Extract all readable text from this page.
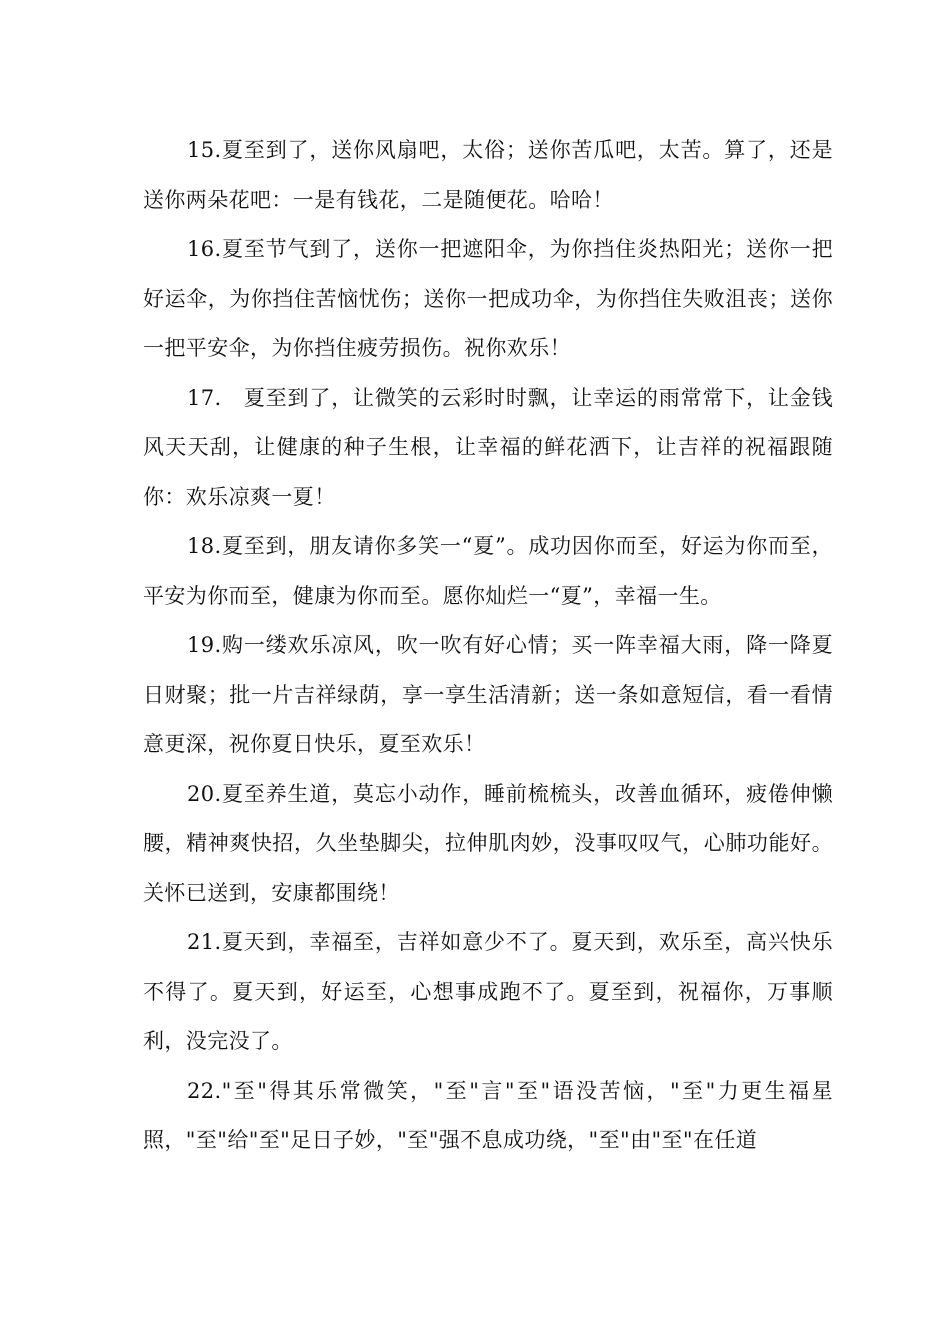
15.夏至到了，送你风扇吧，太俗；送你苦瓜吧，太苦。算了，还是送你两朵花吧：一是有钱花，二是随便花。哈哈！

16.夏至节气到了，送你一把遮阳伞，为你挡住炎热阳光；送你一把好运伞，为你挡住苦恼忧伤；送你一把成功伞，为你挡住失败沮丧；送你一把平安伞，为你挡住疲劳损伤。祝你欢乐！

17.　夏至到了，让微笑的云彩时时飘，让幸运的雨常常下，让金钱风天天刮，让健康的种子生根，让幸福的鲜花洒下，让吉祥的祝福跟随你：欢乐凉爽一夏！

18.夏至到，朋友请你多笑一“夏”。成功因你而至，好运为你而至，平安为你而至，健康为你而至。愿你灿烂一“夏”，幸福一生。

19.购一缕欢乐凉风，吹一吹有好心情；买一阵幸福大雨，降一降夏日财聚；批一片吉祥绿荫，享一享生活清新；送一条如意短信，看一看情意更深，祝你夏日快乐，夏至欢乐！

20.夏至养生道，莫忘小动作，睡前梳梳头，改善血循环，疲倦伸懒腰，精神爽快招，久坐垫脚尖，拉伸肌肉妙，没事叹叹气，心肺功能好。关怀已送到，安康都围绕！

21.夏天到，幸福至，吉祥如意少不了。夏天到，欢乐至，高兴快乐不得了。夏天到，好运至，心想事成跑不了。夏至到，祝福你，万事顺利，没完没了。

22."至"得其乐常微笑，"至"言"至"语没苦恼，"至"力更生福星照，"至"给"至"足日子妙，"至"强不息成功绕，"至"由"至"在任道
